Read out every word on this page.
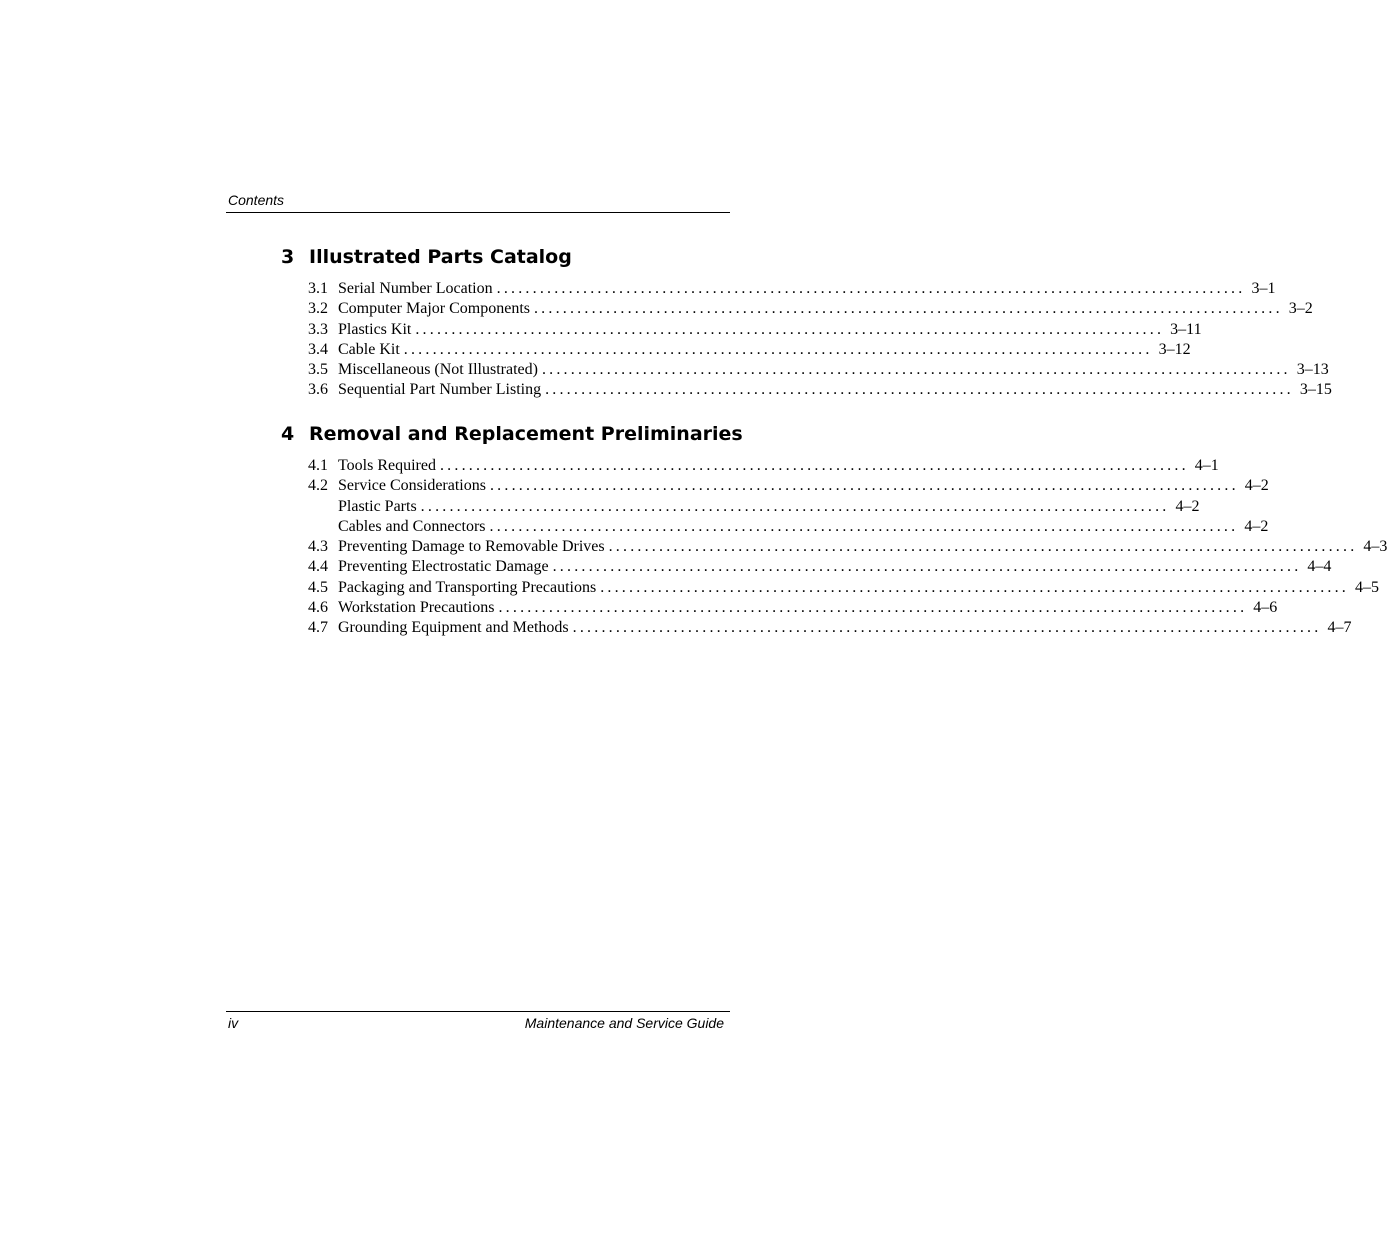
Contents
3 Illustrated Parts Catalog
3.1 Serial Number Location ........................................................................................................ 3–1
3.2 Computer Major Components ........................................................................................................ 3–2
3.3 Plastics Kit ........................................................................................................ 3–11
3.4 Cable Kit ........................................................................................................ 3–12
3.5 Miscellaneous (Not Illustrated) ........................................................................................................ 3–13
3.6 Sequential Part Number Listing ........................................................................................................ 3–15
4 Removal and Replacement Preliminaries
4.1 Tools Required ........................................................................................................ 4–1
4.2 Service Considerations ........................................................................................................ 4–2
Plastic Parts ........................................................................................................ 4–2
Cables and Connectors ........................................................................................................ 4–2
4.3 Preventing Damage to Removable Drives ........................................................................................................ 4–3
4.4 Preventing Electrostatic Damage ........................................................................................................ 4–4
4.5 Packaging and Transporting Precautions ........................................................................................................ 4–5
4.6 Workstation Precautions ........................................................................................................ 4–6
4.7 Grounding Equipment and Methods ........................................................................................................ 4–7
iv	Maintenance and Service Guide
